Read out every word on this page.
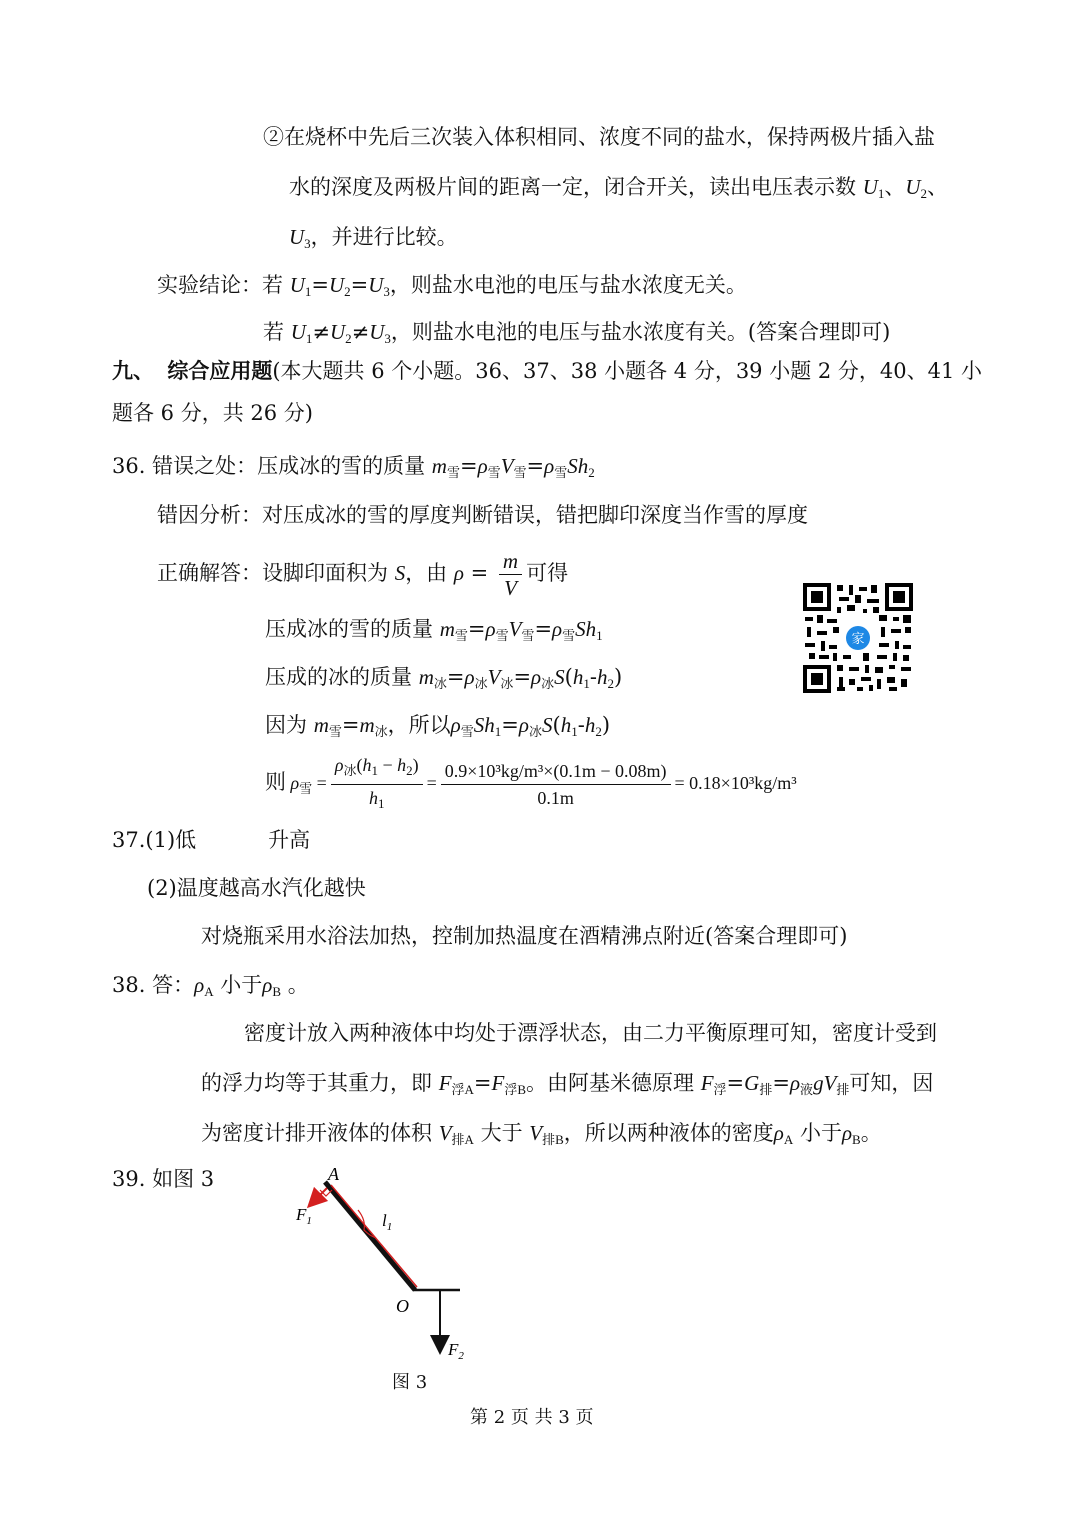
②在烧杯中先后三次装入体积相同、浓度不同的盐水，保持两极片插入盐
水的深度及两极片间的距离一定，闭合开关，读出电压表示数 $U_1$、$U_2$、
$U_3$，并进行比较。
实验结论：若 $U_1=U_2=U_3$，则盐水电池的电压与盐水浓度无关。
若 $U_1\ne U_2\ne U_3$，则盐水电池的电压与盐水浓度有关。(答案合理即可)
九、 综合应用题(本大题共 6 个小题。36、37、38 小题各 4 分，39 小题 2 分，40、41 小
题各 6 分，共 26 分)
36. 错误之处：压成冰的雪的质量 $m_雪=\rho_雪V_雪=\rho_雪Sh_2$
错因分析：对压成冰的雪的厚度判断错误，错把脚印深度当作雪的厚度
正确解答：设脚印面积为 S，由 $\rho = \frac{m}{V}$ 可得
压成冰的雪的质量 $m_雪=\rho_雪V_雪=\rho_雪Sh_1$
压成的冰的质量 $m_冰=\rho_冰V_冰=\rho_冰S(h_1-h_2)$
因为 $m_雪=m_冰$，所以$\rho_雪Sh_1=\rho_冰S(h_1-h_2)$
则 $\rho_雪 = \frac{\rho_冰(h_1 - h_2)}{h_1} = \frac{\text{0.9×10³kg/m³×(0.1m − 0.08m)}}{0.1m} = 0.18\times 10^3kg/m^3$
家
37.(1)低	升高
(2)温度越高水汽化越快
对烧瓶采用水浴法加热，控制加热温度在酒精沸点附近(答案合理即可)
38. 答：$\rho_A$ 小于$\rho_B$ 。
密度计放入两种液体中均处于漂浮状态，由二力平衡原理可知，密度计受到
的浮力均等于其重力，即 $F_{浮A}=F_{浮B}$。由阿基米德原理 $F_浮=G_排=\rho_液gV_排$可知，因
为密度计排开液体的体积 $V_{排A}$ 大于 $V_{排B}$，所以两种液体的密度$\rho_A$ 小于$\rho_B$。
39. 如图 3	A
$F_1$	$l_1$
O
$F_2$
图 3
第 2 页 共 3 页
